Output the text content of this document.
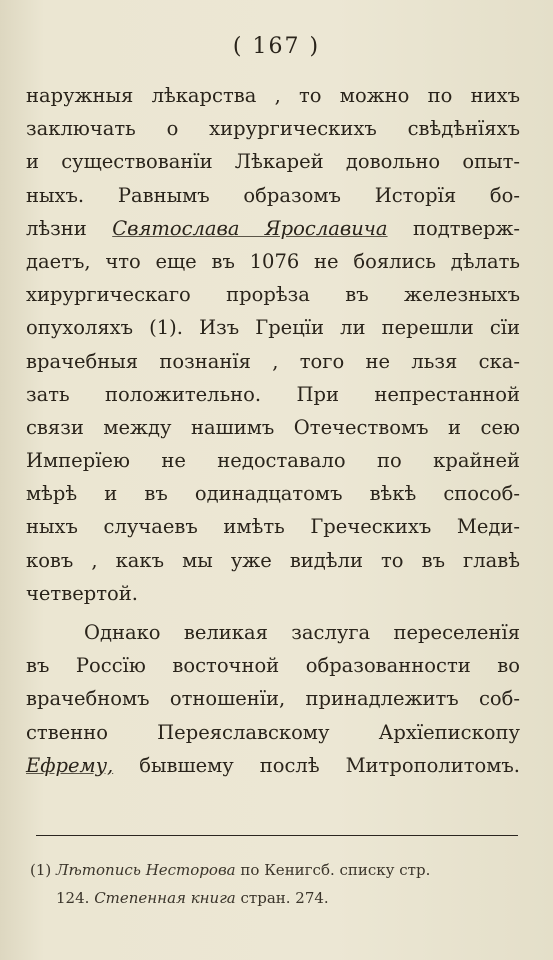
( 167 )
наружныя лѣкарства , то можно по нихъ
заключать о хирургическихъ свѣдѣнїяхъ
и существованїи Лѣкарей довольно опыт-
ныхъ. Равнымъ образомъ Исторїя бо-
лѣзни Святослава Ярославича подтверж-
даетъ, что еще въ 1076 не боялись дѣлать
хирургическаго прорѣза въ железныхъ
опухоляхъ (1). Изъ Грецїи ли перешли сїи
врачебныя познанїя , того не льзя ска-
зать положительно. При непрестанной
связи между нашимъ Отечествомъ и сею
Имперїею не недоставало по крайней
мѣрѣ и въ одинадцатомъ вѣкѣ способ-
ныхъ случаевъ имѣть Греческихъ Меди-
ковъ , какъ мы уже видѣли то въ главѣ
четвертой.
Однако великая заслуга переселенїя
въ Россїю восточной образованности во
врачебномъ отношенїи, принадлежитъ соб-
ственно Переяславскому Архїепископу
Ефрему, бывшему послѣ Митрополитомъ.
(1) Лѣтопись Несторова по Кенигсб. списку стр.
124. Степенная книга стран. 274.
